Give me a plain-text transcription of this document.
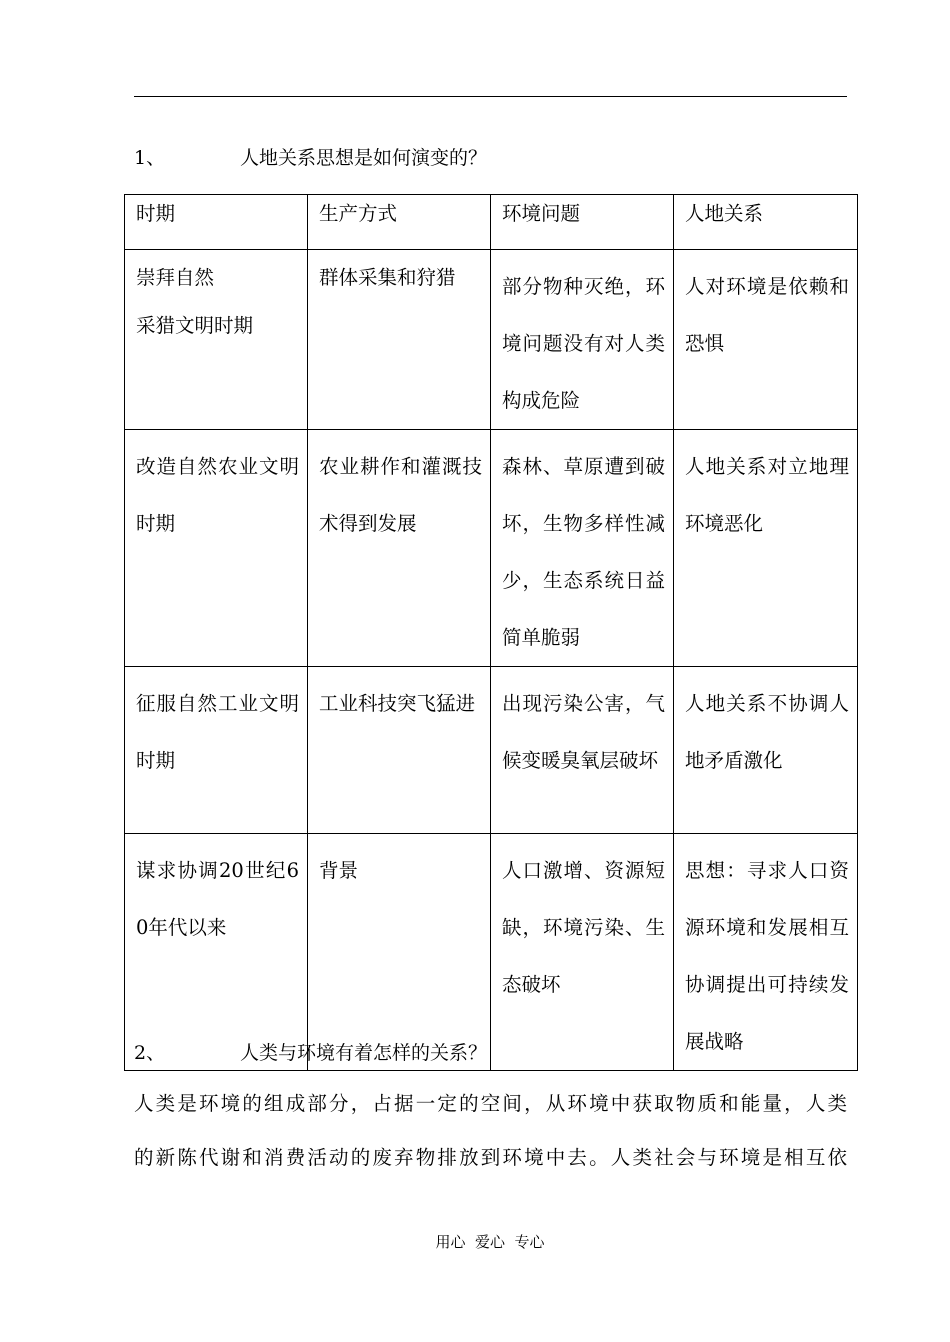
1、	人地关系思想是如何演变的？
时期	生产方式	环境问题	人地关系

崇拜自然
采猎文明时期	群体采集和狩猎	部分物种灭绝，环境问题没有对人类构成危险	人对环境是依赖和恐惧
改造自然农业文明时期	农业耕作和灌溉技术得到发展	森林、草原遭到破坏，生物多样性减少，生态系统日益简单脆弱	人地关系对立地理环境恶化
征服自然工业文明时期	工业科技突飞猛进	出现污染公害，气候变暖臭氧层破坏	人地关系不协调人地矛盾激化
谋求协调20世纪60年代以来	背景	人口激增、资源短缺，环境污染、生态破坏	思想：寻求人口资源环境和发展相互协调提出可持续发展战略
2、	人类与环境有着怎样的关系？
人类是环境的组成部分，占据一定的空间，从环境中获取物质和能量，人类
的新陈代谢和消费活动的废弃物排放到环境中去。人类社会与环境是相互依
用心  爱心  专心
